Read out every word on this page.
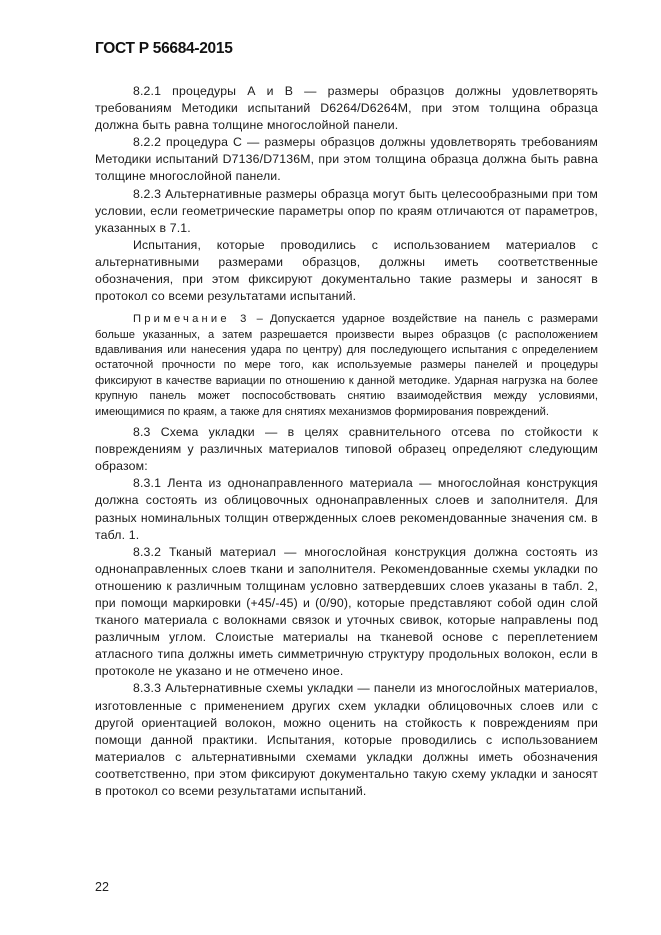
ГОСТ Р 56684-2015

8.2.1 процедуры А и В — размеры образцов должны удовлетворять требованиям Методики испытаний D6264/D6264M, при этом толщина образца должна быть равна толщине многослойной панели.

8.2.2 процедура С — размеры образцов должны удовлетворять требованиям Методики испытаний D7136/D7136M, при этом толщина образца должна быть равна толщине многослойной панели.

8.2.3 Альтернативные размеры образца могут быть целесообразными при том условии, если геометрические параметры опор по краям отличаются от параметров, указанных в 7.1.

Испытания, которые проводились с использованием материалов с альтернативными размерами образцов, должны иметь соответственные обозначения, при этом фиксируют документально такие размеры и заносят в протокол со всеми результатами испытаний.

Примечание 3 – Допускается ударное воздействие на панель с размерами больше указанных, а затем разрешается произвести вырез образцов (с расположением вдавливания или нанесения удара по центру) для последующего испытания с определением остаточной прочности по мере того, как используемые размеры панелей и процедуры фиксируют в качестве вариации по отношению к данной методике. Ударная нагрузка на более крупную панель может поспособствовать снятию взаимодействия между условиями, имеющимися по краям, а также для снятиях механизмов формирования повреждений.

8.3 Схема укладки — в целях сравнительного отсева по стойкости к повреждениям у различных материалов типовой образец определяют следующим образом:

8.3.1 Лента из однонаправленного материала — многослойная конструкция должна состоять из облицовочных однонаправленных слоев и заполнителя. Для разных номинальных толщин отвержденных слоев рекомендованные значения см. в табл. 1.

8.3.2 Тканый материал — многослойная конструкция должна состоять из однонаправленных слоев ткани и заполнителя. Рекомендованные схемы укладки по отношению к различным толщинам условно затвердевших слоев указаны в табл. 2, при помощи маркировки (+45/-45) и (0/90), которые представляют собой один слой тканого материала с волокнами связок и уточных свивок, которые направлены под различным углом. Слоистые материалы на тканевой основе с переплетением атласного типа должны иметь симметричную структуру продольных волокон, если в протоколе не указано и не отмечено иное.

8.3.3 Альтернативные схемы укладки — панели из многослойных материалов, изготовленные с применением других схем укладки облицовочных слоев или с другой ориентацией волокон, можно оценить на стойкость к повреждениям при помощи данной практики. Испытания, которые проводились с использованием материалов с альтернативными схемами укладки должны иметь обозначения соответственно, при этом фиксируют документально такую схему укладки и заносят в протокол со всеми результатами испытаний.

22
